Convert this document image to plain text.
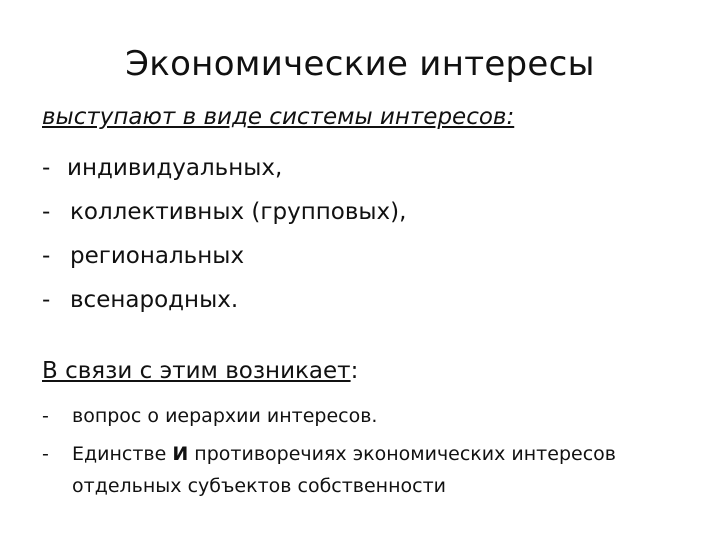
Экономические интересы
выступают в виде системы интересов:
- индивидуальных,
- коллективных (групповых),
- региональных
- всенародных.
В связи с этим возникает:
- вопрос о иерархии интересов.
- Единстве И противоречиях экономических интересов отдельных субъектов собственности
